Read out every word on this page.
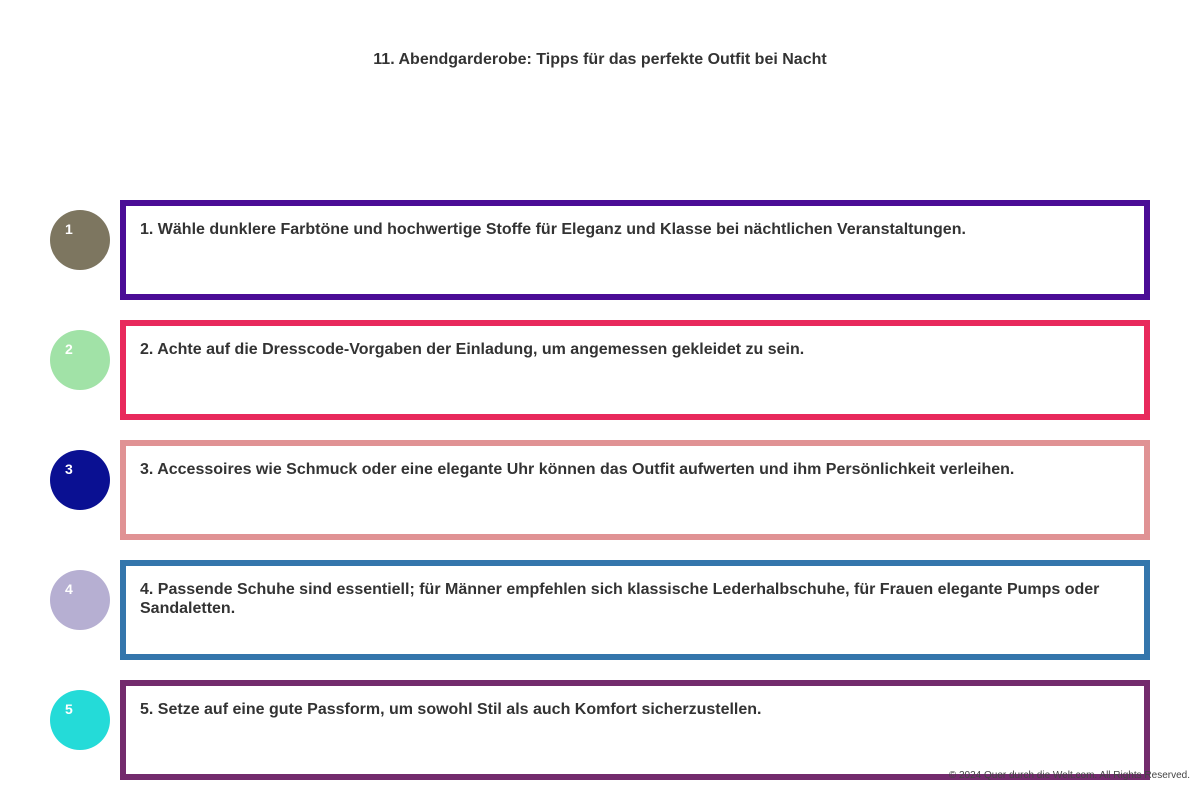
11. Abendgarderobe: Tipps für das perfekte Outfit bei Nacht
1	1. Wähle dunklere Farbtöne und hochwertige Stoffe für Eleganz und Klasse bei nächtlichen Veranstaltungen.
2	2. Achte auf die Dresscode-Vorgaben der Einladung, um angemessen gekleidet zu sein.
3	3. Accessoires wie Schmuck oder eine elegante Uhr können das Outfit aufwerten und ihm Persönlichkeit verleihen.
4	4. Passende Schuhe sind essentiell; für Männer empfehlen sich klassische Lederhalbschuhe, für Frauen elegante Pumps oder Sandaletten.
5	5. Setze auf eine gute Passform, um sowohl Stil als auch Komfort sicherzustellen.
© 2024 Quer durch die Welt.com. All Rights Reserved.
